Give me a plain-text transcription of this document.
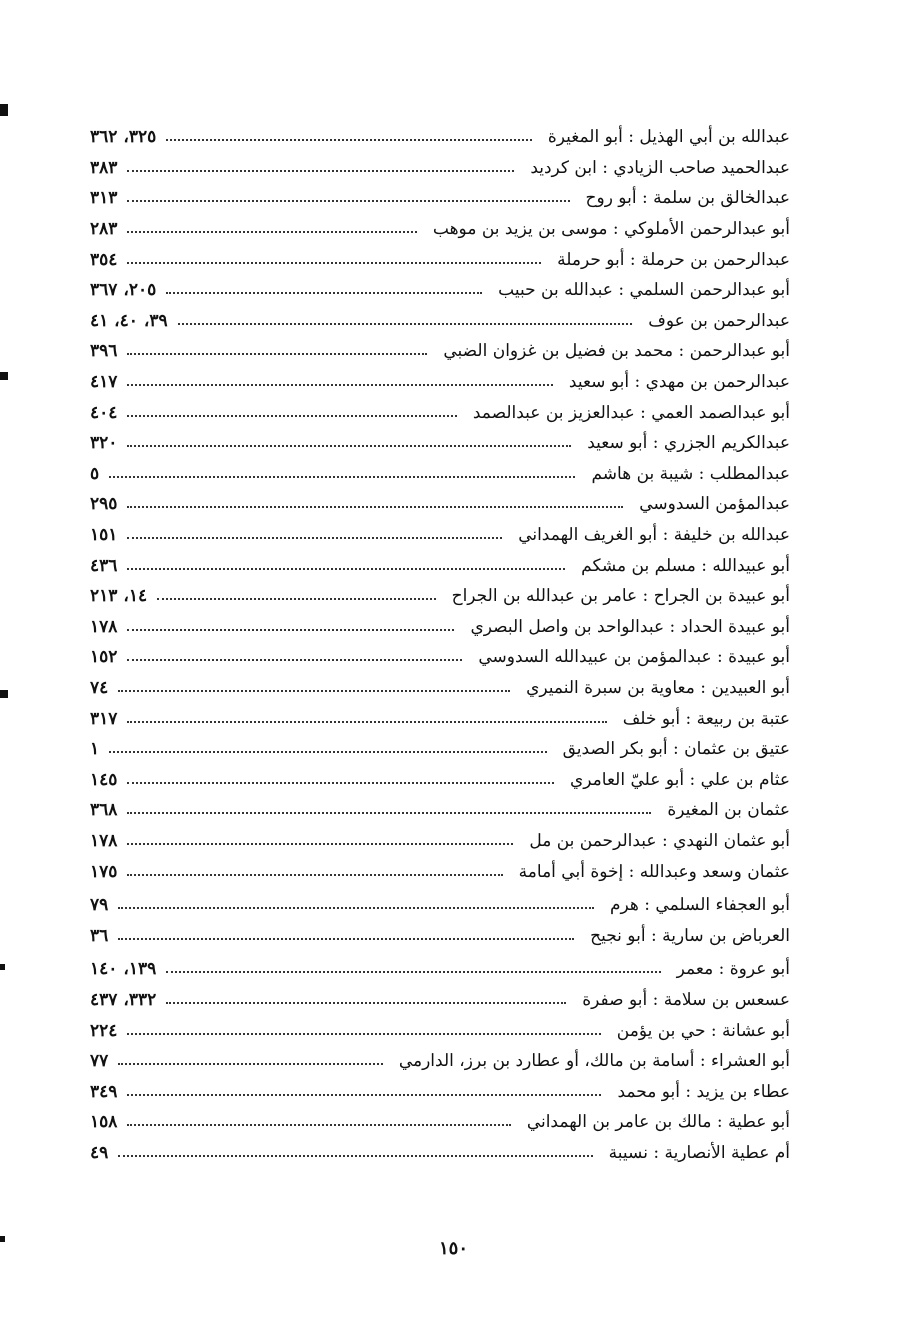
عبدالله بن أبي الهذيل : أبو المغيرة
٣٢٥، ٣٦٢
عبدالحميد صاحب الزيادي : ابن كرديد
٣٨٣
عبدالخالق بن سلمة : أبو روح
٣١٣
أبو عبدالرحمن الأملوكي : موسى بن يزيد بن موهب
٢٨٣
عبدالرحمن بن حرملة : أبو حرملة
٣٥٤
أبو عبدالرحمن السلمي : عبدالله بن حبيب
٢٠٥، ٣٦٧
عبدالرحمن بن عوف
٣٩، ٤٠، ٤١
أبو عبدالرحمن : محمد بن فضيل بن غزوان الضبي
٣٩٦
عبدالرحمن بن مهدي : أبو سعيد
٤١٧
أبو عبدالصمد العمي : عبدالعزيز بن عبدالصمد
٤٠٤
عبدالكريم الجزري : أبو سعيد
٣٢٠
عبدالمطلب : شيبة بن هاشم
٥
عبدالمؤمن السدوسي
٢٩٥
عبدالله بن خليفة : أبو الغريف الهمداني
١٥١
أبو عبيدالله : مسلم بن مشكم
٤٣٦
أبو عبيدة بن الجراح : عامر بن عبدالله بن الجراح
١٤، ٢١٣
أبو عبيدة الحداد : عبدالواحد بن واصل البصري
١٧٨
أبو عبيدة : عبدالمؤمن بن عبيدالله السدوسي
١٥٢
أبو العبيدين : معاوية بن سبرة النميري
٧٤
عتبة بن ربيعة : أبو خلف
٣١٧
عتيق بن عثمان : أبو بكر الصديق
١
عثام بن علي : أبو عليّ العامري
١٤٥
عثمان بن المغيرة
٣٦٨
أبو عثمان النهدي : عبدالرحمن بن مل
١٧٨
عثمان وسعد وعبدالله : إخوة أبي أمامة
١٧٥
أبو العجفاء السلمي : هرم
٧٩
العرباض بن سارية : أبو نجيح
٣٦
أبو عروة : معمر
١٣٩، ١٤٠
عسعس بن سلامة : أبو صفرة
٣٣٢، ٤٣٧
أبو عشانة : حي بن يؤمن
٢٢٤
أبو العشراء : أسامة بن مالك، أو عطارد بن برز، الدارمي
٧٧
عطاء بن يزيد : أبو محمد
٣٤٩
أبو عطية : مالك بن عامر بن الهمداني
١٥٨
أم عطية الأنصارية : نسيبة
٤٩
١٥٠
